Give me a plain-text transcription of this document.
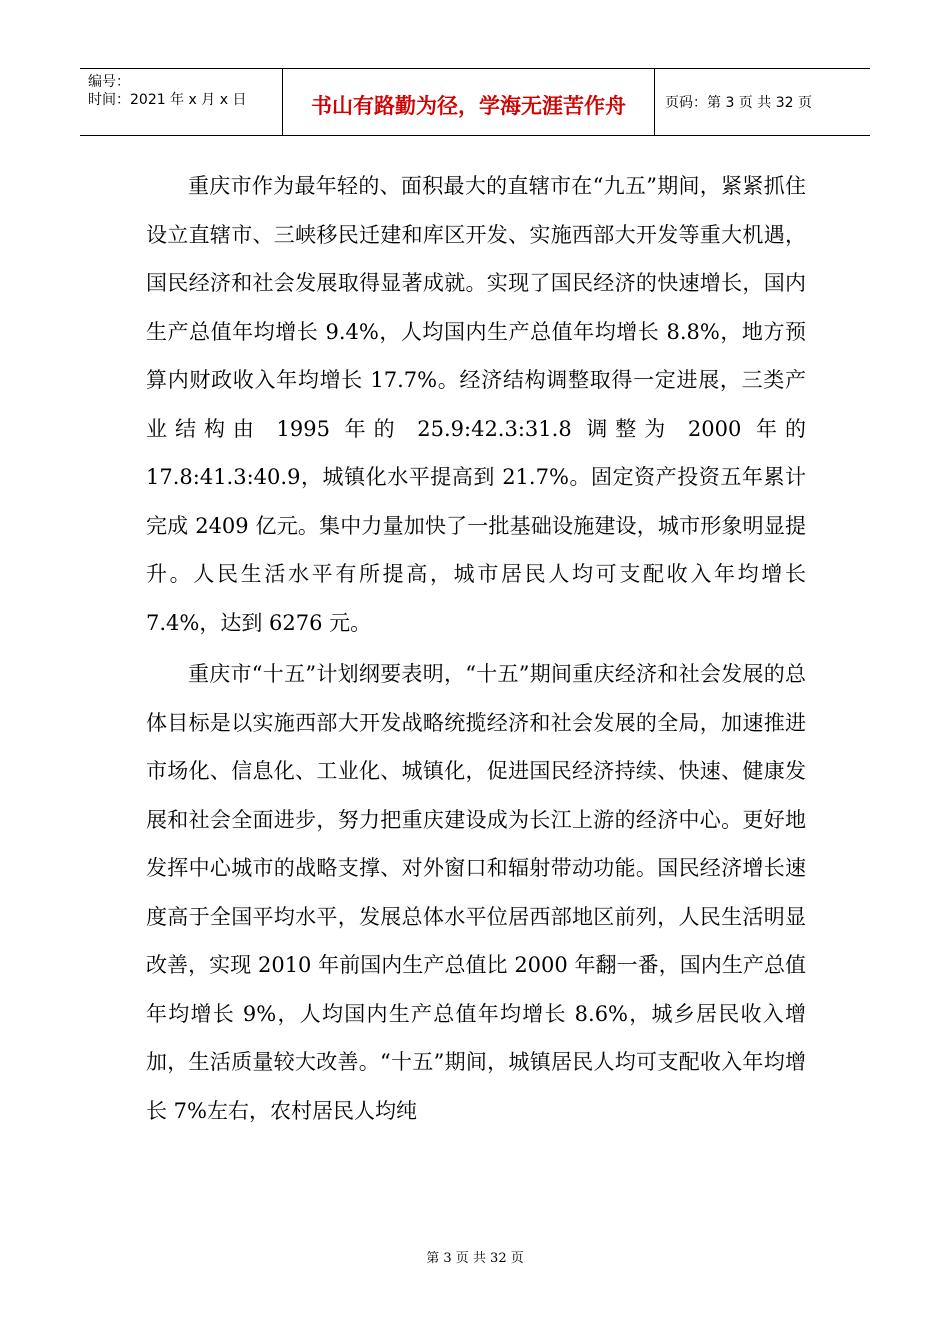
编号：
时间：2021 年 x 月 x 日	书山有路勤为径，学海无涯苦作舟	页码：第 3 页 共 32 页

重庆市作为最年轻的、面积最大的直辖市在“九五”期间，紧紧抓住设立直辖市、三峡移民迁建和库区开发、实施西部大开发等重大机遇，国民经济和社会发展取得显著成就。实现了国民经济的快速增长，国内生产总值年均增长 9.4%，人均国内生产总值年均增长 8.8%，地方预算内财政收入年均增长 17.7%。经济结构调整取得一定进展，三类产业结构由 1995 年的 25.9:42.3:31.8 调整为 2000 年的 17.8:41.3:40.9，城镇化水平提高到 21.7%。固定资产投资五年累计完成 2409 亿元。集中力量加快了一批基础设施建设，城市形象明显提升。人民生活水平有所提高，城市居民人均可支配收入年均增长 7.4%，达到 6276 元。

重庆市“十五”计划纲要表明，“十五”期间重庆经济和社会发展的总体目标是以实施西部大开发战略统揽经济和社会发展的全局，加速推进市场化、信息化、工业化、城镇化，促进国民经济持续、快速、健康发展和社会全面进步，努力把重庆建设成为长江上游的经济中心。更好地发挥中心城市的战略支撑、对外窗口和辐射带动功能。国民经济增长速度高于全国平均水平，发展总体水平位居西部地区前列，人民生活明显改善，实现 2010 年前国内生产总值比 2000 年翻一番，国内生产总值年均增长 9%，人均国内生产总值年均增长 8.6%，城乡居民收入增加，生活质量较大改善。“十五”期间，城镇居民人均可支配收入年均增长 7%左右，农村居民人均纯

第 3 页 共 32 页
